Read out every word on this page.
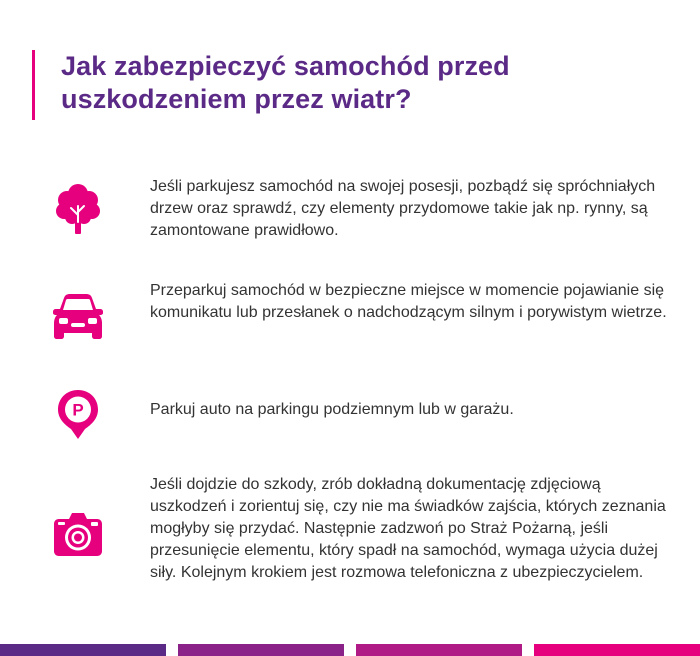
Jak zabezpieczyć samochód przed uszkodzeniem przez wiatr?

Jeśli parkujesz samochód na swojej posesji, pozbądź się spróchniałych drzew oraz sprawdź, czy elementy przydomowe takie jak np. rynny, są zamontowane prawidłowo.

Przeparkuj samochód w bezpieczne miejsce w momencie pojawianie się komunikatu lub przesłanek o nadchodzącym silnym i porywistym wietrze.

P	Parkuj auto na parkingu podziemnym lub w garażu.

Jeśli dojdzie do szkody, zrób dokładną dokumentację zdjęciową uszkodzeń i zorientuj się, czy nie ma świadków zajścia, których zeznania mogłyby się przydać. Następnie zadzwoń po Straż Pożarną, jeśli przesunięcie elementu, który spadł na samochód, wymaga użycia dużej siły. Kolejnym krokiem jest rozmowa telefoniczna z ubezpieczycielem.
